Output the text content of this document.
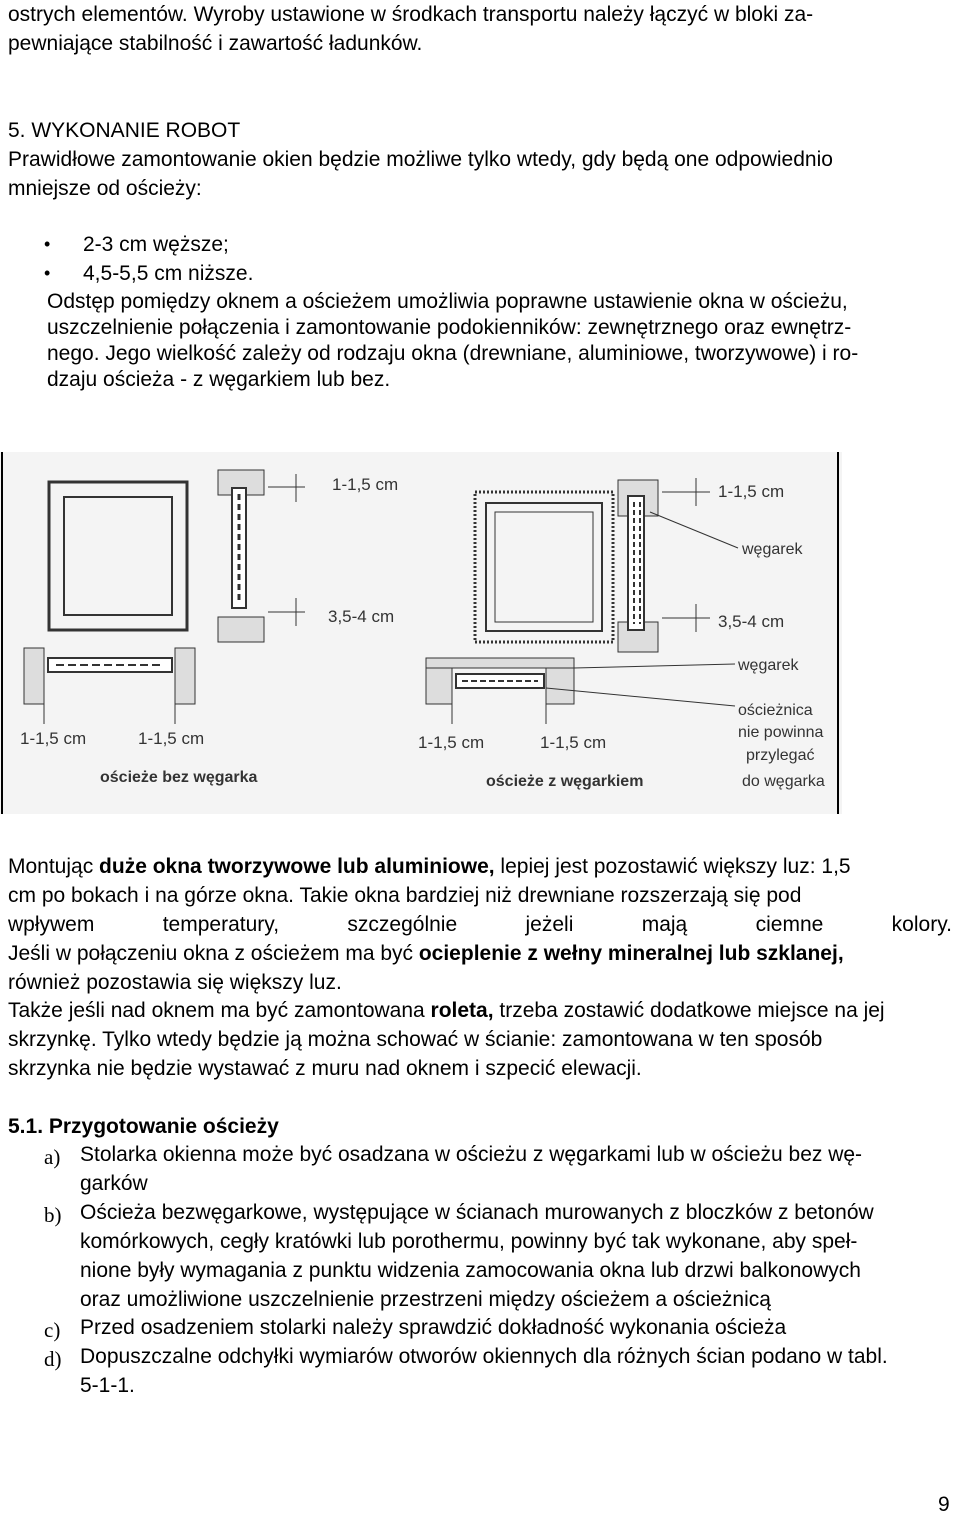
ostrych elementów. Wyroby ustawione w środkach transportu należy łączyć w bloki za-
pewniające stabilność i zawartość ładunków.
5. WYKONANIE ROBOT
Prawidłowe zamontowanie okien będzie możliwe tylko wtedy, gdy będą one odpowiednio
mniejsze od ościeży:
• 2-3 cm węższe;
• 4,5-5,5 cm niższe.
Odstęp pomiędzy oknem a ościeżem umożliwia poprawne ustawienie okna w ościeżu,
uszczelnienie połączenia i zamontowanie podokienników: zewnętrznego oraz ewnętrz-
nego. Jego wielkość zależy od rodzaju okna (drewniane, aluminiowe, tworzywowe) i ro-
dzaju ościeża - z węgarkiem lub bez.
1-1,5 cm
3,5-4 cm
1-1,5 cm	1-1,5 cm
ościeże bez węgarka
1-1,5 cm
węgarek
3,5-4 cm
węgarek
ościeżnica
nie powinna
przylegać
do węgarka
1-1,5 cm	1-1,5 cm
ościeże z węgarkiem
Montując duże okna tworzywowe lub aluminiowe, lepiej jest pozostawić większy luz: 1,5
cm po bokach i na górze okna. Takie okna bardziej niż drewniane rozszerzają się pod
wpływem	temperatury,	szczególnie	jeżeli	mają	ciemne	kolory.
Jeśli w połączeniu okna z ościeżem ma być ocieplenie z wełny mineralnej lub szklanej,
również pozostawia się większy luz.
Także jeśli nad oknem ma być zamontowana roleta, trzeba zostawić dodatkowe miejsce na jej
skrzynkę. Tylko wtedy będzie ją można schować w ścianie: zamontowana w ten sposób
skrzynka nie będzie wystawać z muru nad oknem i szpecić elewacji.
5.1. Przygotowanie ościeży
a) Stolarka okienna może być osadzana w ościeżu z węgarkami lub w ościeżu bez wę-
garków
b) Ościeża bezwęgarkowe, występujące w ścianach murowanych z bloczków z betonów
komórkowych, cegły kratówki lub porothermu, powinny być tak wykonane, aby speł-
nione były wymagania z punktu widzenia zamocowania okna lub drzwi balkonowych
oraz umożliwione uszczelnienie przestrzeni między ościeżem a ościeżnicą
c) Przed osadzeniem stolarki należy sprawdzić dokładność wykonania ościeża
d) Dopuszczalne odchyłki wymiarów otworów okiennych dla różnych ścian podano w tabl.
5-1-1.
9
